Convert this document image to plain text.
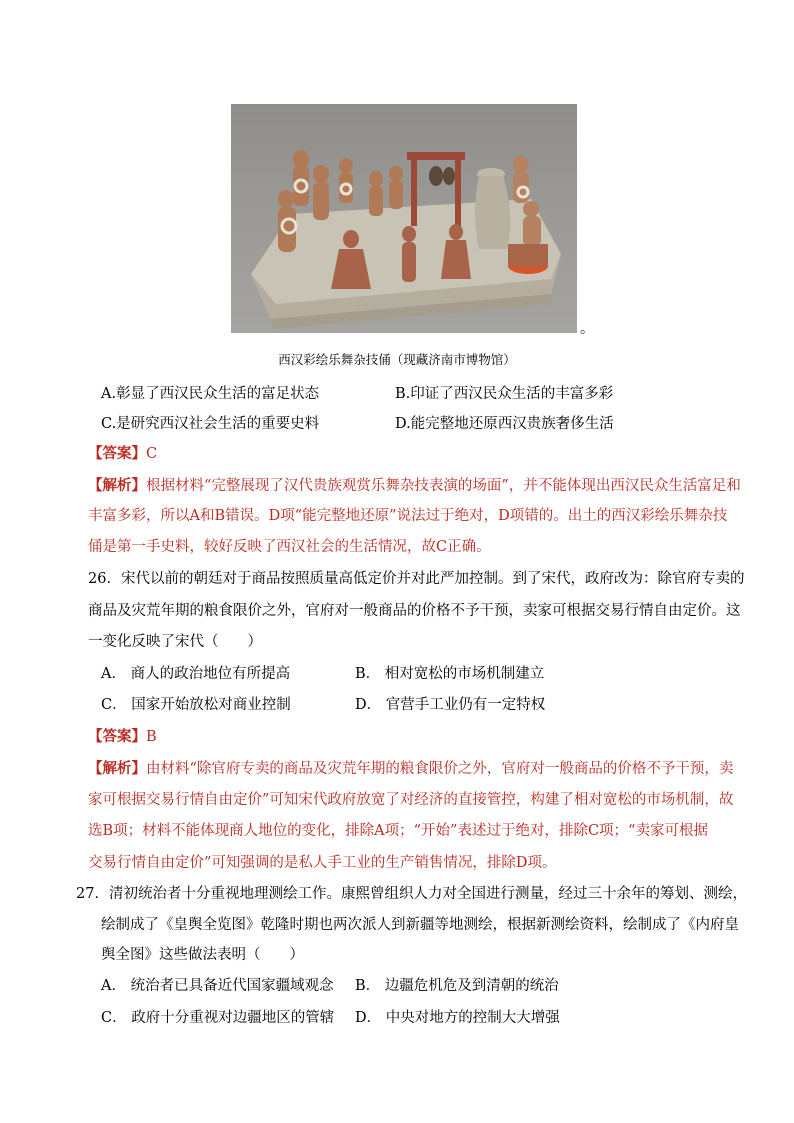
。
西汉彩绘乐舞杂技俑（现藏济南市博物馆）
A.彰显了西汉民众生活的富足状态	B.印证了西汉民众生活的丰富多彩
C.是研究西汉社会生活的重要史料	D.能完整地还原西汉贵族奢侈生活
【答案】C
【解析】根据材料“完整展现了汉代贵族观赏乐舞杂技表演的场面”，并不能体现出西汉民众生活富足和
丰富多彩，所以A和B错误。D项“能完整地还原”说法过于绝对，D项错的。出土的西汉彩绘乐舞杂技
俑是第一手史料，较好反映了西汉社会的生活情况，故C正确。
26．宋代以前的朝廷对于商品按照质量高低定价并对此严加控制。到了宋代，政府改为：除官府专卖的
商品及灾荒年期的粮食限价之外，官府对一般商品的价格不予干预，卖家可根据交易行情自由定价。这
一变化反映了宋代（　　）
A． 商人的政治地位有所提高	B． 相对宽松的市场机制建立
C． 国家开始放松对商业控制	D． 官营手工业仍有一定特权
【答案】B
【解析】由材料“除官府专卖的商品及灾荒年期的粮食限价之外，官府对一般商品的价格不予干预，卖
家可根据交易行情自由定价”可知宋代政府放宽了对经济的直接管控，构建了相对宽松的市场机制，故
选B项；材料不能体现商人地位的变化，排除A项；“开始”表述过于绝对，排除C项；“卖家可根据
交易行情自由定价”可知强调的是私人手工业的生产销售情况，排除D项。
27．清初统治者十分重视地理测绘工作。康熙曾组织人力对全国进行测量，经过三十余年的筹划、测绘，
绘制成了《皇舆全览图》乾隆时期也两次派人到新疆等地测绘，根据新测绘资料，绘制成了《内府皇
舆全图》这些做法表明（　　）
A． 统治者已具备近代国家疆域观念 B． 边疆危机危及到清朝的统治
C． 政府十分重视对边疆地区的管辖 D． 中央对地方的控制大大增强
